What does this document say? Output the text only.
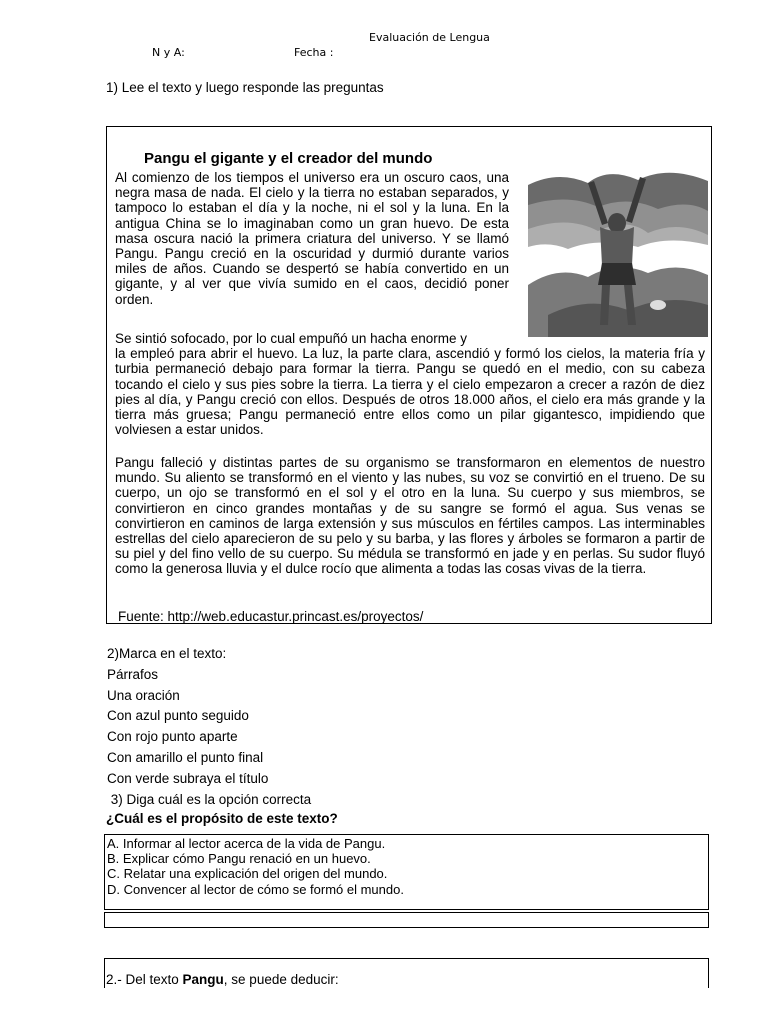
Evaluación de Lengua
N y A:	Fecha :
1) Lee el texto y luego responde las preguntas
Pangu el gigante y el creador del mundo
Al comienzo de los tiempos el universo era un oscuro caos, una negra masa de nada. El cielo y la tierra no estaban separados, y tampoco lo estaban el día y la noche, ni el sol y la luna. En la antigua China se lo imaginaban como un gran huevo. De esta masa oscura nació la primera criatura del universo. Y se llamó Pangu. Pangu creció en la oscuridad y durmió durante varios miles de años. Cuando se despertó se había convertido en un gigante, y al ver que vivía sumido en el caos, decidió poner orden.
Se sintió sofocado, por lo cual empuñó un hacha enorme y
la empleó para abrir el huevo. La luz, la parte clara, ascendió y formó los cielos, la materia fría y turbia permaneció debajo para formar la tierra. Pangu se quedó en el medio, con su cabeza tocando el cielo y sus pies sobre la tierra. La tierra y el cielo empezaron a crecer a razón de diez pies al día, y Pangu creció con ellos. Después de otros 18.000 años, el cielo era más grande y la tierra más gruesa; Pangu permaneció entre ellos como un pilar gigantesco, impidiendo que volviesen a estar unidos.
Pangu falleció y distintas partes de su organismo se transformaron en elementos de nuestro mundo. Su aliento se transformó en el viento y las nubes, su voz se convirtió en el trueno. De su cuerpo, un ojo se transformó en el sol y el otro en la luna. Su cuerpo y sus miembros, se convirtieron en cinco grandes montañas y de su sangre se formó el agua. Sus venas se convirtieron en caminos de larga extensión y sus músculos en fértiles campos. Las interminables estrellas del cielo aparecieron de su pelo y su barba, y las flores y árboles se formaron a partir de su piel y del fino vello de su cuerpo. Su médula se transformó en jade y en perlas. Su sudor fluyó como la generosa lluvia y el dulce rocío que alimenta a todas las cosas vivas de la tierra.
Fuente: http://web.educastur.princast.es/proyectos/
2)Marca en el texto:
Párrafos
Una oración
Con azul punto seguido
Con rojo punto aparte
Con amarillo el punto final
Con verde subraya el título
3) Diga cuál es la opción correcta
¿Cuál es el propósito de este texto?
A. Informar al lector acerca de la vida de Pangu.
B. Explicar cómo Pangu renació en un huevo.
C. Relatar una explicación del origen del mundo.
D. Convencer al lector de cómo se formó el mundo.
2.- Del texto Pangu, se puede deducir:
